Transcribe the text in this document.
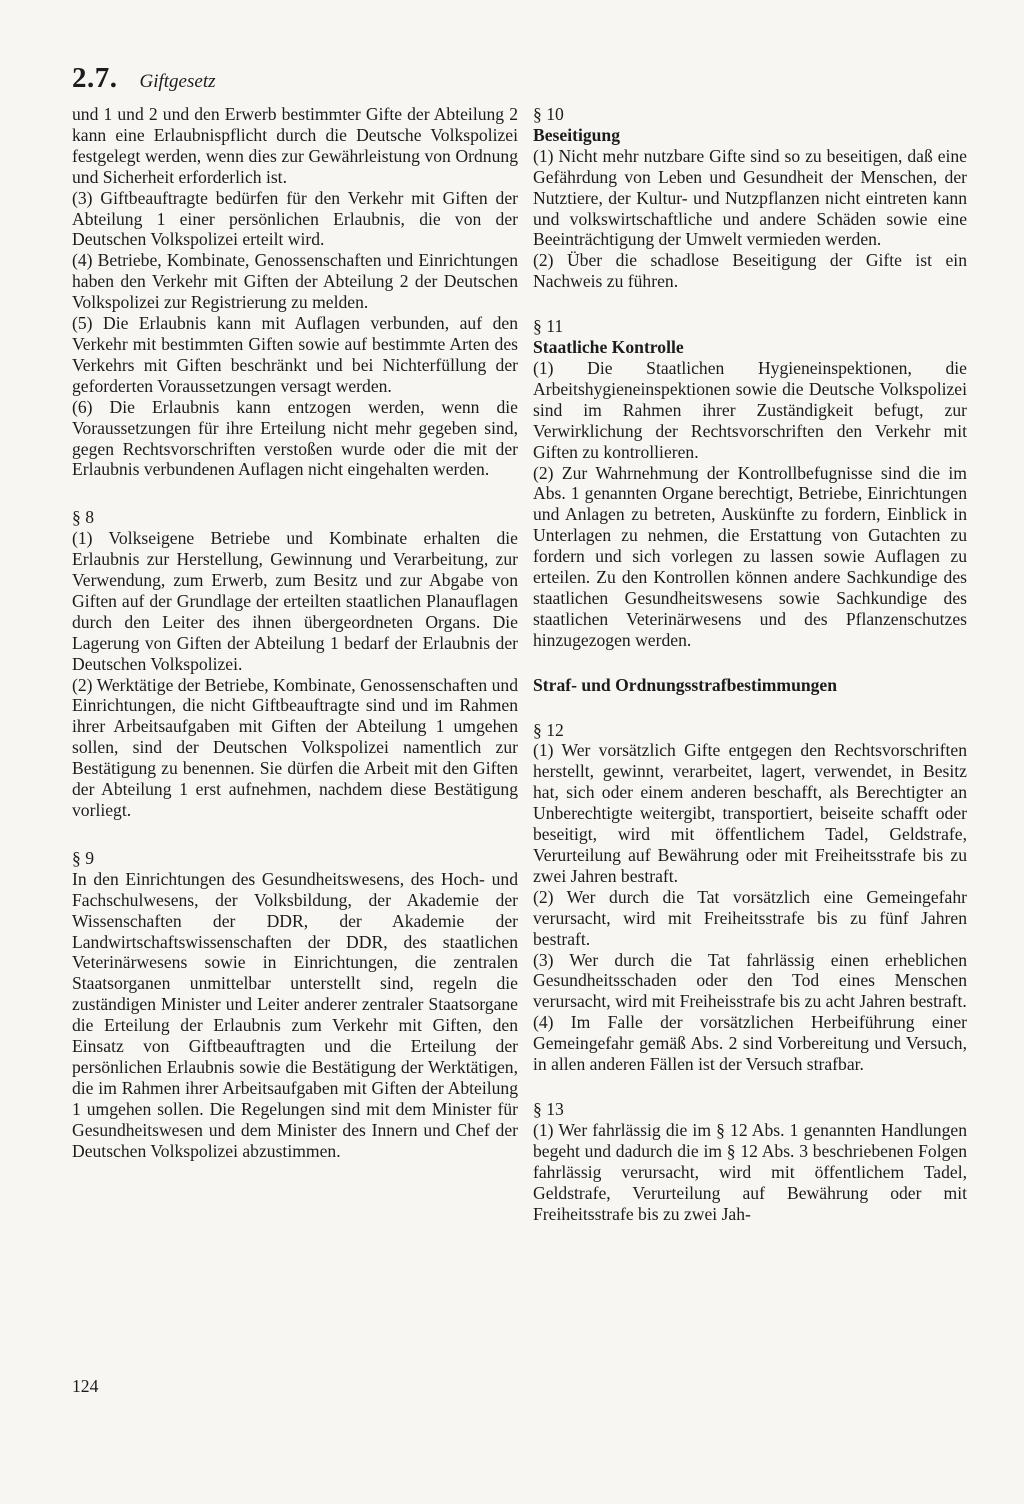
2.7. Giftgesetz

und 1 und 2 und den Erwerb bestimmter Gifte der Abteilung 2 kann eine Erlaubnispflicht durch die Deutsche Volkspolizei festgelegt werden, wenn dies zur Gewährleistung von Ordnung und Sicherheit erforderlich ist.

(3) Giftbeauftragte bedürfen für den Verkehr mit Giften der Abteilung 1 einer persönlichen Erlaubnis, die von der Deutschen Volkspolizei erteilt wird.

(4) Betriebe, Kombinate, Genossenschaften und Einrichtungen haben den Verkehr mit Giften der Abteilung 2 der Deutschen Volkspolizei zur Registrierung zu melden.

(5) Die Erlaubnis kann mit Auflagen verbunden, auf den Verkehr mit bestimmten Giften sowie auf bestimmte Arten des Verkehrs mit Giften beschränkt und bei Nichterfüllung der geforderten Voraussetzungen versagt werden.

(6) Die Erlaubnis kann entzogen werden, wenn die Voraussetzungen für ihre Erteilung nicht mehr gegeben sind, gegen Rechtsvorschriften verstoßen wurde oder die mit der Erlaubnis verbundenen Auflagen nicht eingehalten werden.

§ 8

(1) Volkseigene Betriebe und Kombinate erhalten die Erlaubnis zur Herstellung, Gewinnung und Verarbeitung, zur Verwendung, zum Erwerb, zum Besitz und zur Abgabe von Giften auf der Grundlage der erteilten staatlichen Planauflagen durch den Leiter des ihnen übergeordneten Organs. Die Lagerung von Giften der Abteilung 1 bedarf der Erlaubnis der Deutschen Volkspolizei.

(2) Werktätige der Betriebe, Kombinate, Genossenschaften und Einrichtungen, die nicht Giftbeauftragte sind und im Rahmen ihrer Arbeitsaufgaben mit Giften der Abteilung 1 umgehen sollen, sind der Deutschen Volkspolizei namentlich zur Bestätigung zu benennen. Sie dürfen die Arbeit mit den Giften der Abteilung 1 erst aufnehmen, nachdem diese Bestätigung vorliegt.

§ 9

In den Einrichtungen des Gesundheitswesens, des Hoch- und Fachschulwesens, der Volksbildung, der Akademie der Wissenschaften der DDR, der Akademie der Landwirtschaftswissenschaften der DDR, des staatlichen Veterinärwesens sowie in Einrichtungen, die zentralen Staatsorganen unmittelbar unterstellt sind, regeln die zuständigen Minister und Leiter anderer zentraler Staatsorgane die Erteilung der Erlaubnis zum Verkehr mit Giften, den Einsatz von Giftbeauftragten und die Erteilung der persönlichen Erlaubnis sowie die Bestätigung der Werktätigen, die im Rahmen ihrer Arbeitsaufgaben mit Giften der Abteilung 1 umgehen sollen. Die Regelungen sind mit dem Minister für Gesundheitswesen und dem Minister des Innern und Chef der Deutschen Volkspolizei abzustimmen.

§ 10

Beseitigung

(1) Nicht mehr nutzbare Gifte sind so zu beseitigen, daß eine Gefährdung von Leben und Gesundheit der Menschen, der Nutztiere, der Kultur- und Nutzpflanzen nicht eintreten kann und volkswirtschaftliche und andere Schäden sowie eine Beeinträchtigung der Umwelt vermieden werden.

(2) Über die schadlose Beseitigung der Gifte ist ein Nachweis zu führen.

§ 11

Staatliche Kontrolle

(1) Die Staatlichen Hygieneinspektionen, die Arbeitshygieneinspektionen sowie die Deutsche Volkspolizei sind im Rahmen ihrer Zuständigkeit befugt, zur Verwirklichung der Rechtsvorschriften den Verkehr mit Giften zu kontrollieren.

(2) Zur Wahrnehmung der Kontrollbefugnisse sind die im Abs. 1 genannten Organe berechtigt, Betriebe, Einrichtungen und Anlagen zu betreten, Auskünfte zu fordern, Einblick in Unterlagen zu nehmen, die Erstattung von Gutachten zu fordern und sich vorlegen zu lassen sowie Auflagen zu erteilen. Zu den Kontrollen können andere Sachkundige des staatlichen Gesundheitswesens sowie Sachkundige des staatlichen Veterinärwesens und des Pflanzenschutzes hinzugezogen werden.

Straf- und Ordnungsstrafbestimmungen

§ 12

(1) Wer vorsätzlich Gifte entgegen den Rechtsvorschriften herstellt, gewinnt, verarbeitet, lagert, verwendet, in Besitz hat, sich oder einem anderen beschafft, als Berechtigter an Unberechtigte weitergibt, transportiert, beiseite schafft oder beseitigt, wird mit öffentlichem Tadel, Geldstrafe, Verurteilung auf Bewährung oder mit Freiheitsstrafe bis zu zwei Jahren bestraft.

(2) Wer durch die Tat vorsätzlich eine Gemeingefahr verursacht, wird mit Freiheitsstrafe bis zu fünf Jahren bestraft.

(3) Wer durch die Tat fahrlässig einen erheblichen Gesundheitsschaden oder den Tod eines Menschen verursacht, wird mit Freiheisstrafe bis zu acht Jahren bestraft.

(4) Im Falle der vorsätzlichen Herbeiführung einer Gemeingefahr gemäß Abs. 2 sind Vorbereitung und Versuch, in allen anderen Fällen ist der Versuch strafbar.

§ 13

(1) Wer fahrlässig die im § 12 Abs. 1 genannten Handlungen begeht und dadurch die im § 12 Abs. 3 beschriebenen Folgen fahrlässig verursacht, wird mit öffentlichem Tadel, Geldstrafe, Verurteilung auf Bewährung oder mit Freiheitsstrafe bis zu zwei Jah-

124
